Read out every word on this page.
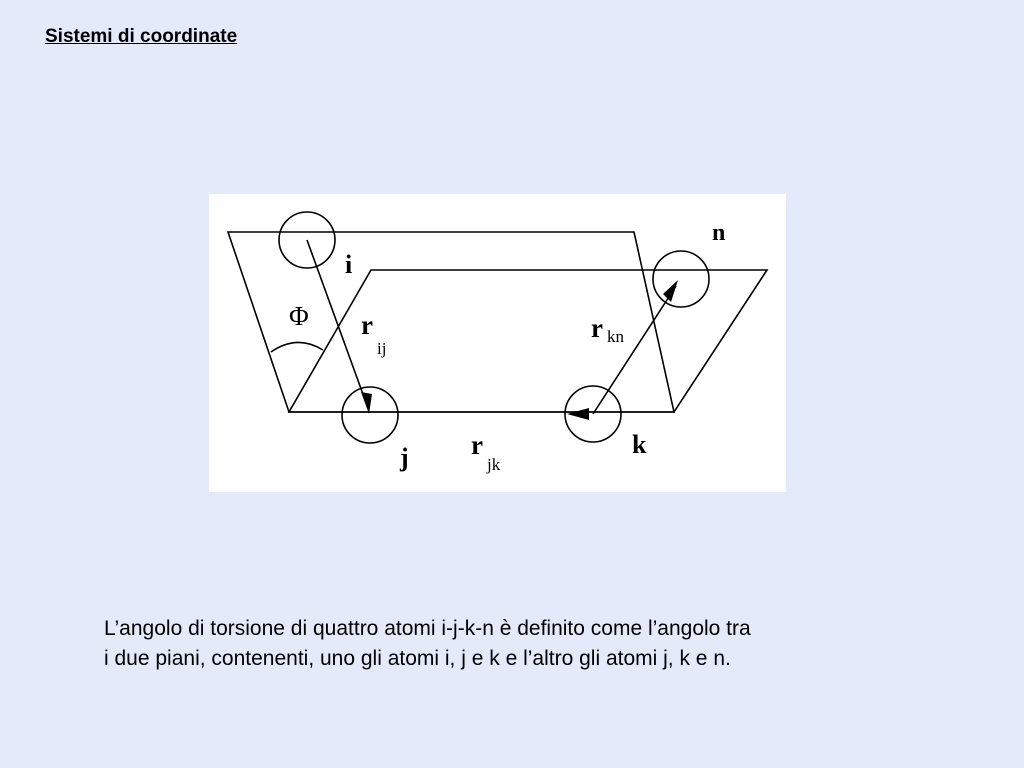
Sistemi di coordinate
i
j	k
n
Φ r
ij
r kn
r
jk

L’angolo di torsione di quattro atomi i-j-k-n è definito come l’angolo tra

i due piani, contenenti, uno gli atomi i, j e k e l’altro gli atomi j, k e n.
